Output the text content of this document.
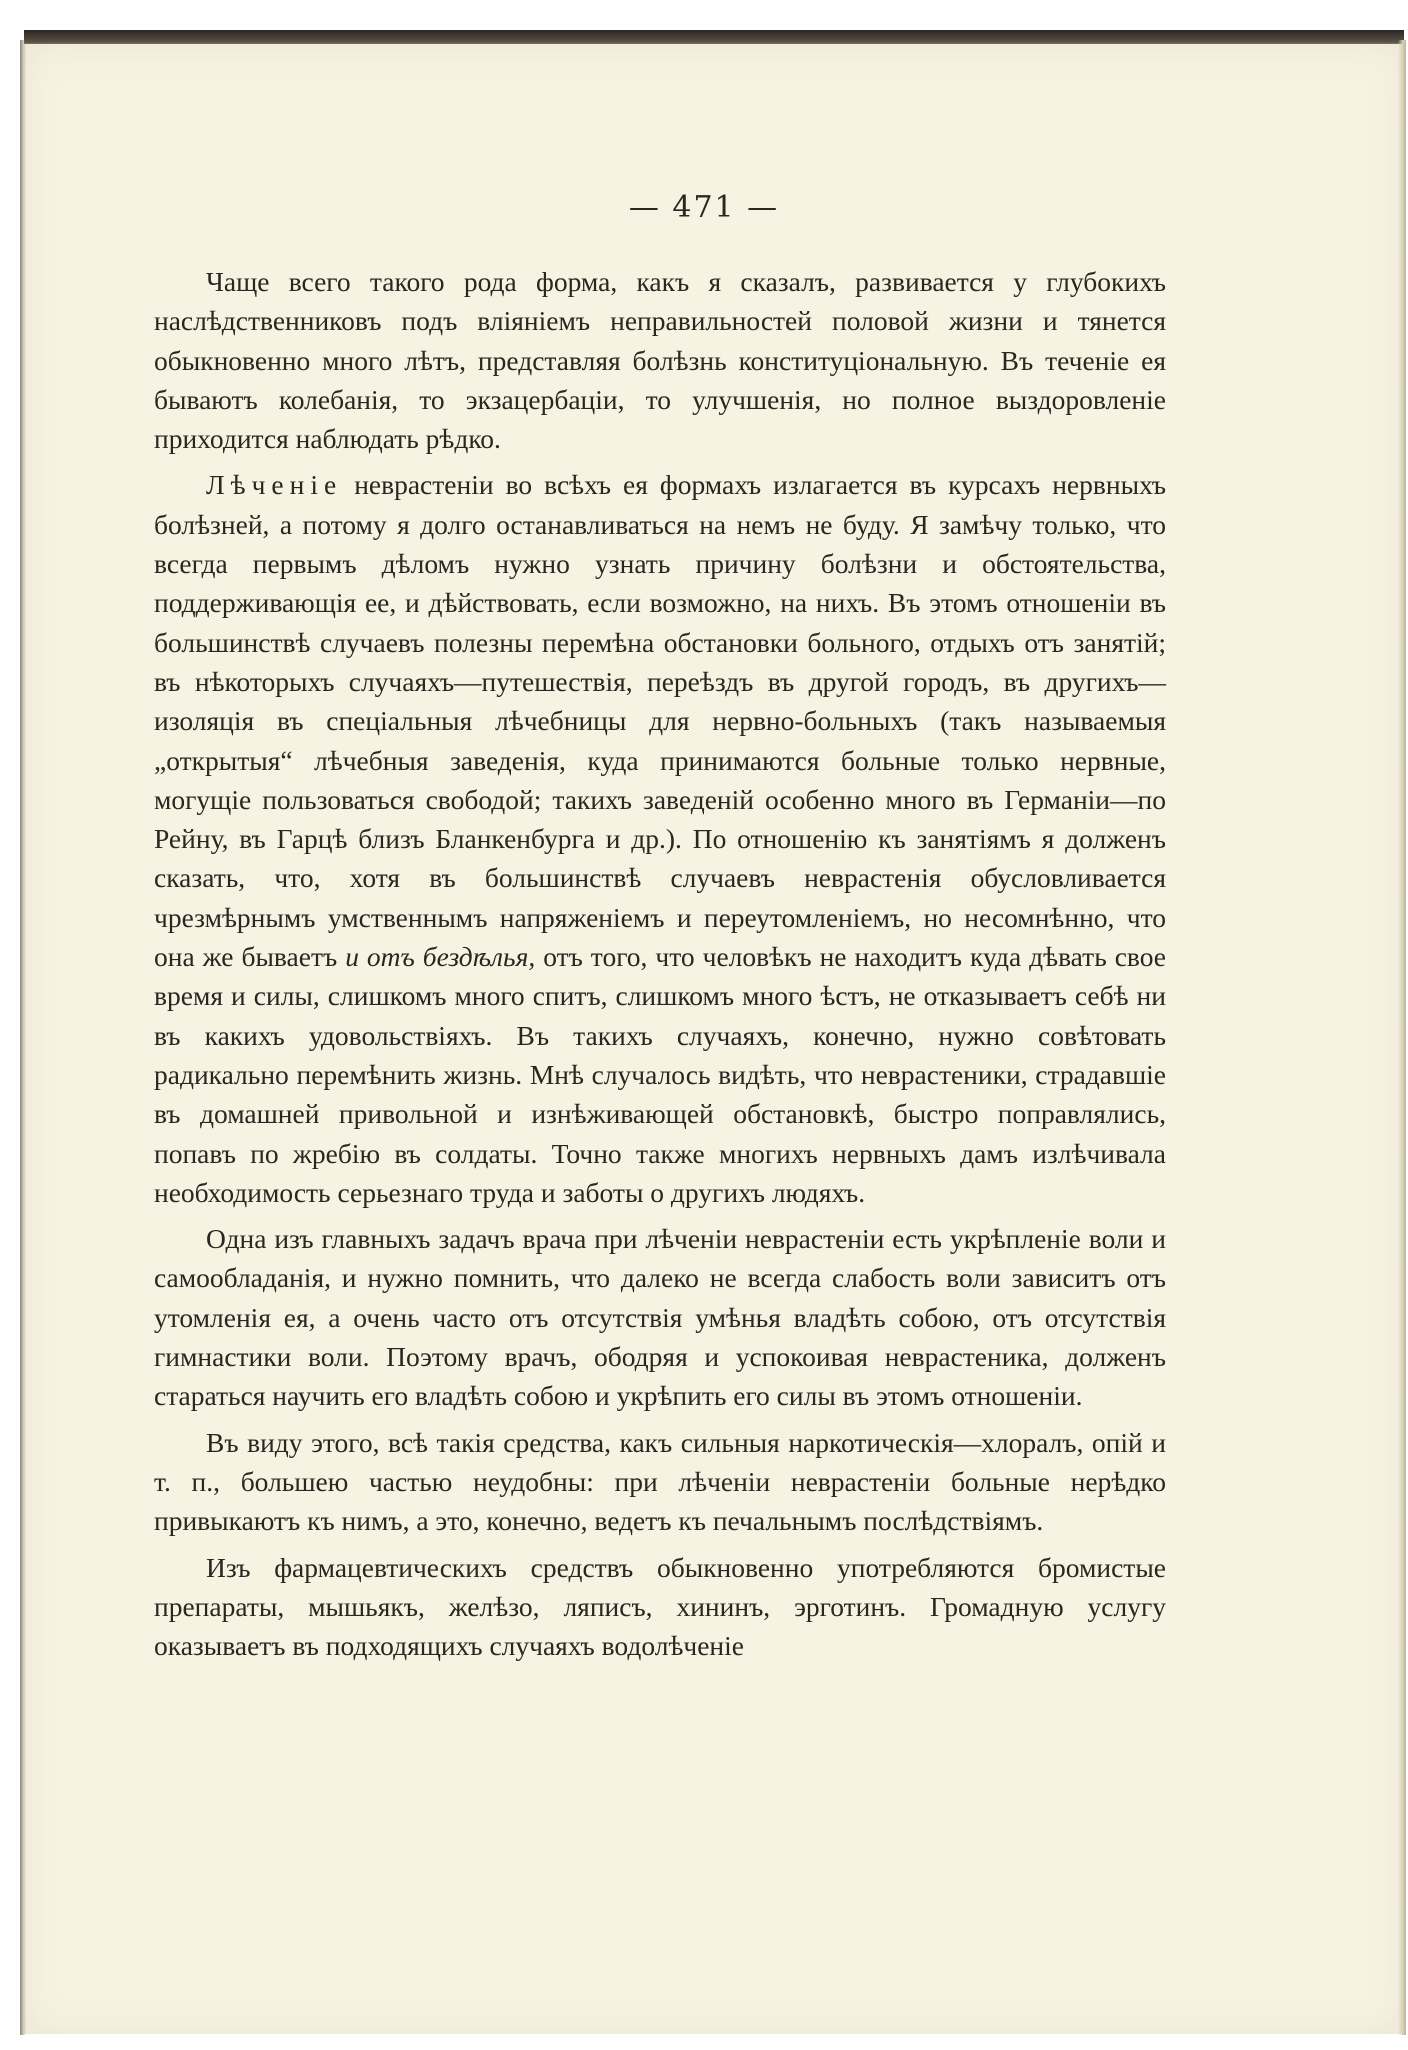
— 471 —

Чаще всего такого рода форма, какъ я сказалъ, развивается у глубокихъ наслѣдственниковъ подъ вліяніемъ неправильностей половой жизни и тянется обыкновенно много лѣтъ, представляя болѣзнь конституціональную. Въ теченіе ея бываютъ колебанія, то экзацербаціи, то улучшенія, но полное выздоровленіе приходится наблюдать рѣдко.

Лѣченіе неврастеніи во всѣхъ ея формахъ излагается въ курсахъ нервныхъ болѣзней, а потому я долго останавливаться на немъ не буду. Я замѣчу только, что всегда первымъ дѣломъ нужно узнать причину болѣзни и обстоятельства, поддерживающія ее, и дѣйствовать, если возможно, на нихъ. Въ этомъ отношеніи въ большинствѣ случаевъ полезны перемѣна обстановки больного, отдыхъ отъ занятій; въ нѣкоторыхъ случаяхъ—путешествія, переѣздъ въ другой городъ, въ другихъ—изоляція въ спеціальныя лѣчебницы для нервно-больныхъ (такъ называемыя „открытыя“ лѣчебныя заведенія, куда принимаются больные только нервные, могущіе пользоваться свободой; такихъ заведеній особенно много въ Германіи—по Рейну, въ Гарцѣ близъ Бланкенбурга и др.). По отношенію къ занятіямъ я долженъ сказать, что, хотя въ большинствѣ случаевъ неврастенія обусловливается чрезмѣрнымъ умственнымъ напряженіемъ и переутомленіемъ, но несомнѣнно, что она же бываетъ и отъ бездѣлья, отъ того, что человѣкъ не находитъ куда дѣвать свое время и силы, слишкомъ много спитъ, слишкомъ много ѣстъ, не отказываетъ себѣ ни въ какихъ удовольствіяхъ. Въ такихъ случаяхъ, конечно, нужно совѣтовать радикально перемѣнить жизнь. Мнѣ случалось видѣть, что неврастеники, страдавшіе въ домашней привольной и изнѣживающей обстановкѣ, быстро поправлялись, попавъ по жребію въ солдаты. Точно также многихъ нервныхъ дамъ излѣчивала необходимость серьезнаго труда и заботы о другихъ людяхъ.

Одна изъ главныхъ задачъ врача при лѣченіи неврастеніи есть укрѣпленіе воли и самообладанія, и нужно помнить, что далеко не всегда слабость воли зависитъ отъ утомленія ея, а очень часто отъ отсутствія умѣнья владѣть собою, отъ отсутствія гимнастики воли. Поэтому врачъ, ободряя и успокоивая неврастеника, долженъ стараться научить его владѣть собою и укрѣпить его силы въ этомъ отношеніи.

Въ виду этого, всѣ такія средства, какъ сильныя наркотическія—хлоралъ, опій и т. п., большею частью неудобны: при лѣченіи неврастеніи больные нерѣдко привыкаютъ къ нимъ, а это, конечно, ведетъ къ печальнымъ послѣдствіямъ.

Изъ фармацевтическихъ средствъ обыкновенно употребляются бромистые препараты, мышьякъ, желѣзо, ляписъ, хининъ, эрготинъ. Громадную услугу оказываетъ въ подходящихъ случаяхъ водолѣченіе
